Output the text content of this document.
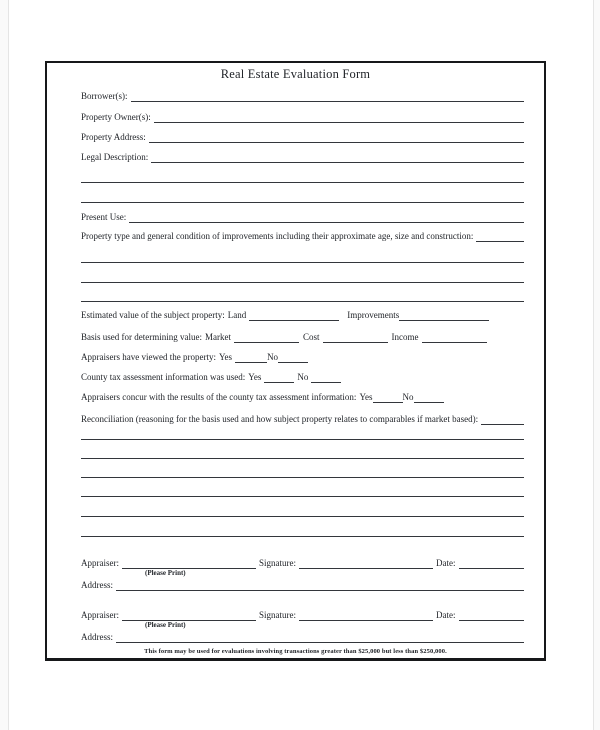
Real Estate Evaluation Form
Borrower(s):
Property Owner(s):
Property Address:
Legal Description:
Present Use:
Property type and general condition of improvements including their approximate age, size and construction:
Estimated value of the subject property: Land	Improvements
Basis used for determining value: Market	Cost	Income
Appraisers have viewed the property: Yes	No
County tax assessment information was used: Yes	No
Appraisers concur with the results of the county tax assessment information: Yes	No
Reconciliation (reasoning for the basis used and how subject property relates to comparables if market based):
Appraiser:	Signature:	Date:
(Please Print)
Address:
Appraiser:	Signature:	Date:
(Please Print)
Address:
This form may be used for evaluations involving transactions greater than $25,000 but less than $250,000.
